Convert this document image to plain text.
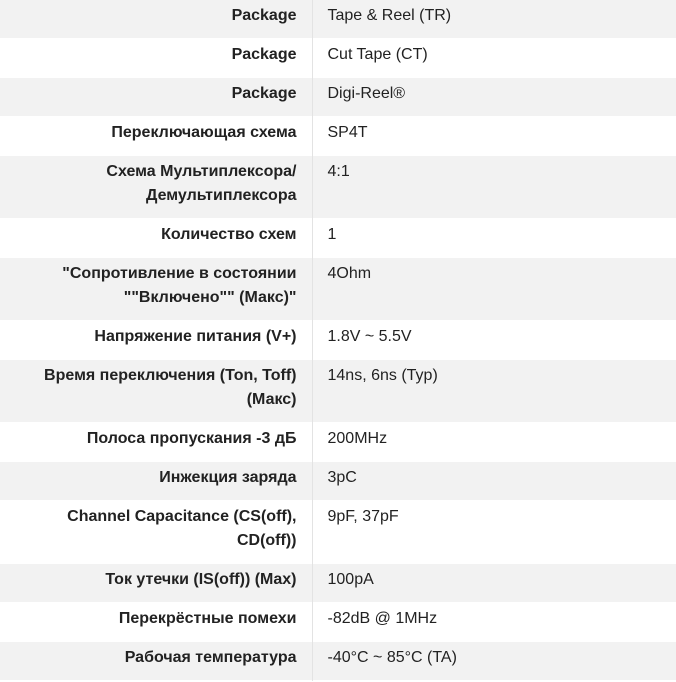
Package	Tape & Reel (TR)
Package	Cut Tape (CT)
Package	Digi-Reel®
Переключающая схема	SP4T
Схема Мультиплексора/
Демультиплексора	4:1
Количество схем	1
"Сопротивление в состоянии
""Включено"" (Макс)"	4Ohm
Напряжение питания (V+)	1.8V ~ 5.5V
Время переключения (Ton, Toff)
(Макс)	14ns, 6ns (Typ)
Полоса пропускания -3 дБ	200MHz
Инжекция заряда	3pC
Channel Capacitance (CS(off),
CD(off))	9pF, 37pF
Ток утечки (IS(off)) (Max)	100pA
Перекрёстные помехи	-82dB @ 1MHz
Рабочая температура	-40°C ~ 85°C (TA)
